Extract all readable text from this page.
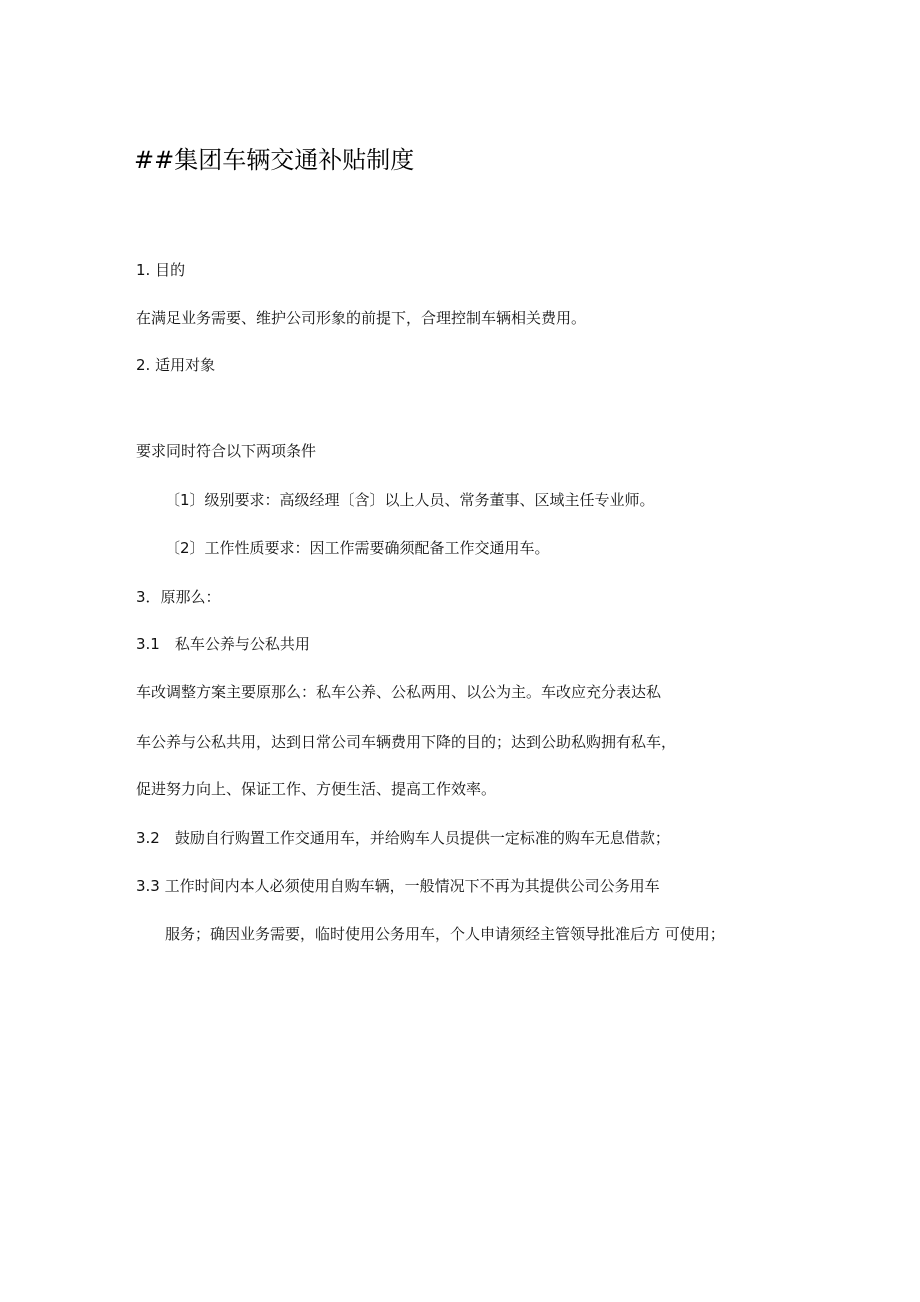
##集团车辆交通补贴制度
1. 目的
在满足业务需要、维护公司形象的前提下，合理控制车辆相关费用。
2. 适用对象
要求同时符合以下两项条件
〔1〕级别要求：高级经理〔含〕以上人员、常务董事、区域主任专业师。
〔2〕工作性质要求：因工作需要确须配备工作交通用车。
3．原那么：
3.1　私车公养与公私共用
车改调整方案主要原那么：私车公养、公私两用、以公为主。车改应充分表达私
车公养与公私共用，达到日常公司车辆费用下降的目的；达到公助私购拥有私车，
促进努力向上、保证工作、方便生活、提高工作效率。
3.2　鼓励自行购置工作交通用车，并给购车人员提供一定标准的购车无息借款；
3.3 工作时间内本人必须使用自购车辆，一般情况下不再为其提供公司公务用车
服务；确因业务需要，临时使用公务用车，个人申请须经主管领导批准后方 可使用；
